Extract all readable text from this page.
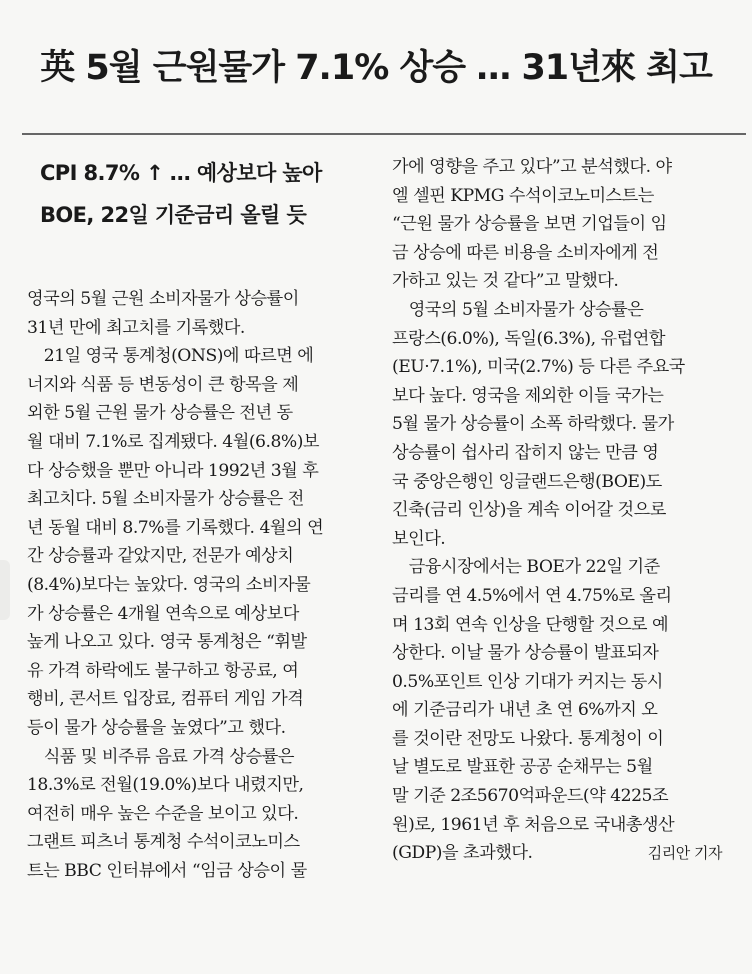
英 5월 근원물가 7.1% 상승 … 31년來 최고
CPI 8.7% ↑ … 예상보다 높아
BOE, 22일 기준금리 올릴 듯
영국의 5월 근원 소비자물가 상승률이
31년 만에 최고치를 기록했다.
　21일 영국 통계청(ONS)에 따르면 에
너지와 식품 등 변동성이 큰 항목을 제
외한 5월 근원 물가 상승률은 전년 동
월 대비 7.1%로 집계됐다. 4월(6.8%)보
다 상승했을 뿐만 아니라 1992년 3월 후
최고치다. 5월 소비자물가 상승률은 전
년 동월 대비 8.7%를 기록했다. 4월의 연
간 상승률과 같았지만, 전문가 예상치
(8.4%)보다는 높았다. 영국의 소비자물
가 상승률은 4개월 연속으로 예상보다
높게 나오고 있다. 영국 통계청은 “휘발
유 가격 하락에도 불구하고 항공료, 여
행비, 콘서트 입장료, 컴퓨터 게임 가격
등이 물가 상승률을 높였다”고 했다.
　식품 및 비주류 음료 가격 상승률은
18.3%로 전월(19.0%)보다 내렸지만,
여전히 매우 높은 수준을 보이고 있다.
그랜트 피츠너 통계청 수석이코노미스
트는 BBC 인터뷰에서 “임금 상승이 물
가에 영향을 주고 있다”고 분석했다. 야
엘 셀핀 KPMG 수석이코노미스트는
“근원 물가 상승률을 보면 기업들이 임
금 상승에 따른 비용을 소비자에게 전
가하고 있는 것 같다”고 말했다.
　영국의 5월 소비자물가 상승률은
프랑스(6.0%), 독일(6.3%), 유럽연합
(EU·7.1%), 미국(2.7%) 등 다른 주요국
보다 높다. 영국을 제외한 이들 국가는
5월 물가 상승률이 소폭 하락했다. 물가
상승률이 쉽사리 잡히지 않는 만큼 영
국 중앙은행인 잉글랜드은행(BOE)도
긴축(금리 인상)을 계속 이어갈 것으로
보인다.
　금융시장에서는 BOE가 22일 기준
금리를 연 4.5%에서 연 4.75%로 올리
며 13회 연속 인상을 단행할 것으로 예
상한다. 이날 물가 상승률이 발표되자
0.5%포인트 인상 기대가 커지는 동시
에 기준금리가 내년 초 연 6%까지 오
를 것이란 전망도 나왔다. 통계청이 이
날 별도로 발표한 공공 순채무는 5월
말 기준 2조5670억파운드(약 4225조
원)로, 1961년 후 처음으로 국내총생산
(GDP)을 초과했다.	김리안 기자
